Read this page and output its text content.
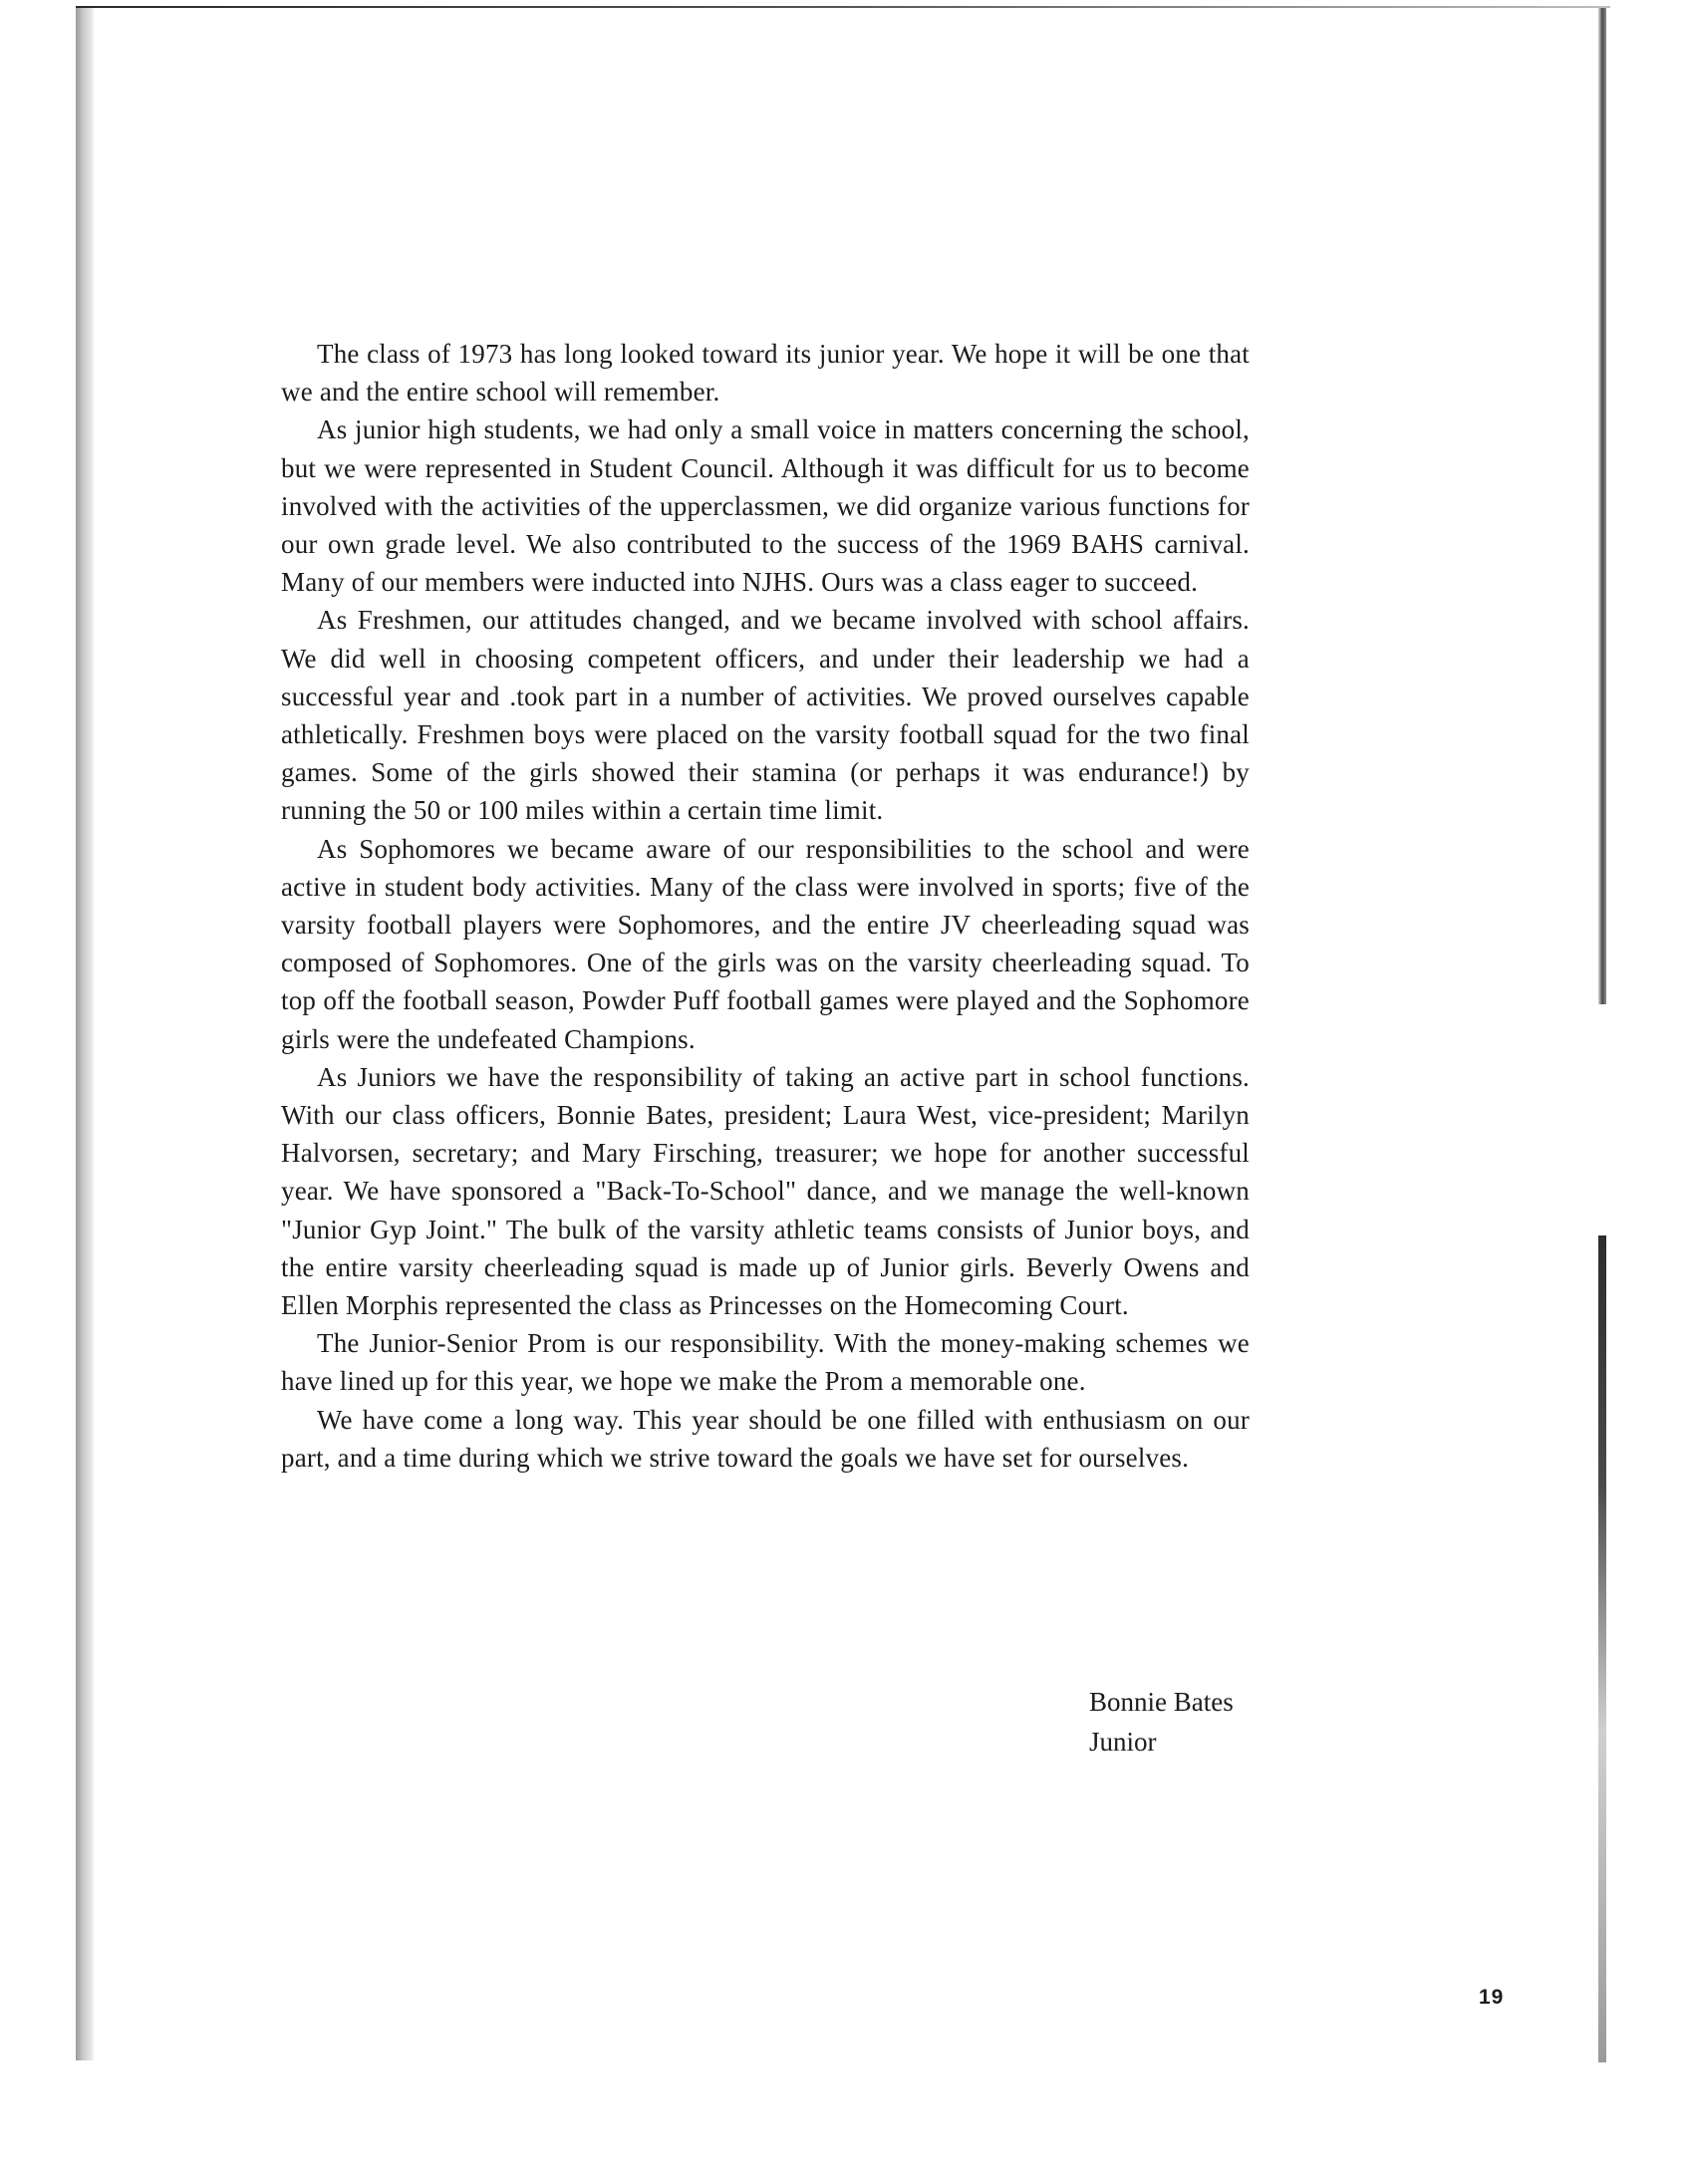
The class of 1973 has long looked toward its junior year. We hope it will be one that we and the entire school will remember.

As junior high students, we had only a small voice in matters concerning the school, but we were represented in Student Council. Although it was difficult for us to become involved with the activities of the upperclassmen, we did organize various functions for our own grade level. We also contributed to the success of the 1969 BAHS carnival. Many of our members were inducted into NJHS. Ours was a class eager to succeed.

As Freshmen, our attitudes changed, and we became involved with school affairs. We did well in choosing competent officers, and under their leadership we had a successful year and .took part in a number of activities. We proved ourselves capable athletically. Freshmen boys were placed on the varsity football squad for the two final games. Some of the girls showed their stamina (or perhaps it was endurance!) by running the 50 or 100 miles within a certain time limit.

As Sophomores we became aware of our responsibilities to the school and were active in student body activities. Many of the class were involved in sports; five of the varsity football players were Sophomores, and the entire JV cheerleading squad was composed of Sophomores. One of the girls was on the varsity cheerleading squad. To top off the football season, Powder Puff football games were played and the Sophomore girls were the undefeated Champions.

As Juniors we have the responsibility of taking an active part in school functions. With our class officers, Bonnie Bates, president; Laura West, vice-president; Marilyn Halvorsen, secretary; and Mary Firsching, treasurer; we hope for another successful year. We have sponsored a "Back-To-School" dance, and we manage the well-known "Junior Gyp Joint." The bulk of the varsity athletic teams consists of Junior boys, and the entire varsity cheerleading squad is made up of Junior girls. Beverly Owens and Ellen Morphis represented the class as Princesses on the Homecoming Court.

The Junior-Senior Prom is our responsibility. With the money-making schemes we have lined up for this year, we hope we make the Prom a memorable one.

We have come a long way. This year should be one filled with enthusiasm on our part, and a time during which we strive toward the goals we have set for ourselves.

Bonnie Bates
Junior
19
